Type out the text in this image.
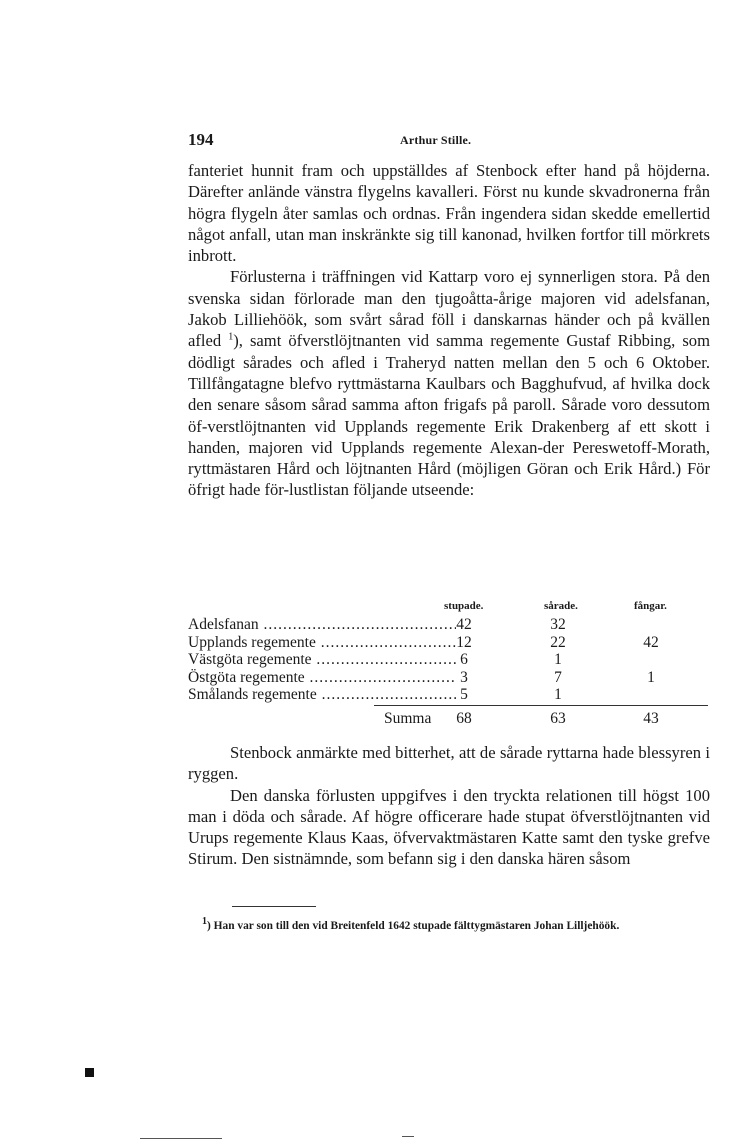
194	Arthur Stille.

fanteriet hunnit fram och uppställdes af Stenbock efter hand på höjderna. Därefter anlände vänstra flygelns kavalleri. Först nu kunde skvadronerna från högra flygeln åter samlas och ordnas. Från ingendera sidan skedde emellertid något anfall, utan man inskränkte sig till kanonad, hvilken fortfor till mörkrets inbrott.

Förlusterna i träffningen vid Kattarp voro ej synnerligen stora. På den svenska sidan förlorade man den tjugoåtta-årige majoren vid adelsfanan, Jakob Lilliehöök, som svårt sårad föll i danskarnas händer och på kvällen afled $^1$), samt öfverstlöjtnanten vid samma regemente Gustaf Ribbing, som dödligt sårades och afled i Traheryd natten mellan den 5 och 6 Oktober. Tillfångatagne blefvo ryttmästarna Kaulbars och Bagghufvud, af hvilka dock den senare såsom sårad samma afton frigafs på paroll. Sårade voro dessutom öf-verstlöjtnanten vid Upplands regemente Erik Drakenberg af ett skott i handen, majoren vid Upplands regemente Alexan-der Pereswetoff-Morath, ryttmästaren Hård och löjtnanten Hård (möjligen Göran och Erik Hård.) För öfrigt hade för-lustlistan följande utseende:

stupade.	sårade.	fångar.
Adelsfanan .....	42	32
Upplands regemente .....	12	22	42
Västgöta regemente .....	6	1
Östgöta regemente .....	3	7	1
Smålands regemente .....	5	1
Summa	68	63	43

Stenbock anmärkte med bitterhet, att de sårade ryttarna hade blessyren i ryggen.

Den danska förlusten uppgifves i den tryckta relationen till högst 100 man i döda och sårade. Af högre officerare hade stupat öfverstlöjtnanten vid Urups regemente Klaus Kaas, öfvervaktmästaren Katte samt den tyske grefve Stirum. Den sistnämnde, som befann sig i den danska hären såsom

1) Han var son till den vid Breitenfeld 1642 stupade fälttygmästaren Johan Lilljehöök.
